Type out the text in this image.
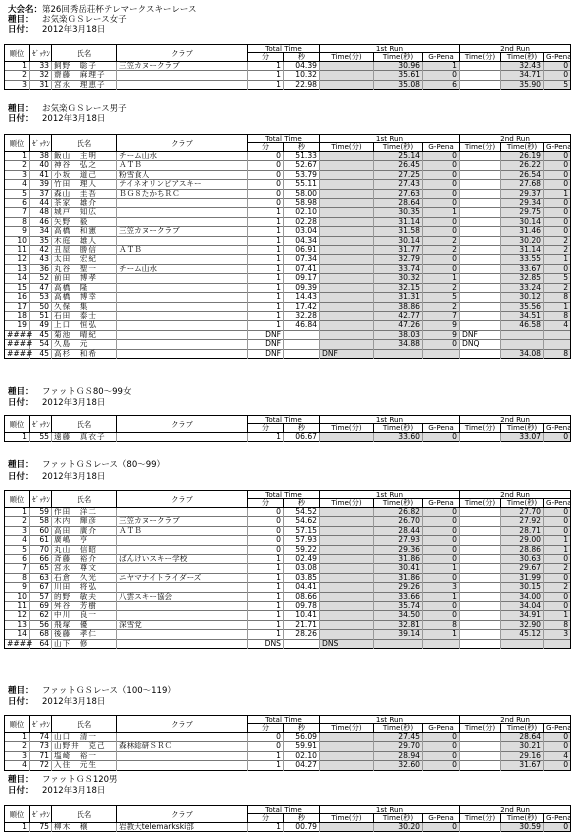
大会名：第26回秀岳荘杯テレマークスキーレース
種目： お気楽ＧＳレース女子
日付： 2012年3月18日
順位	ｾﾞｯｹﾝ	氏名	クラブ	Total Time		1st Run			2nd Run		
				分	秒	Time(分)	Time(秒)	G-Pena	Time(分)	Time(秒)	G-Pena
1	33	飼野　聡子	三笠カヌークラブ	1	04.39		30.96	1		32.43	0
2	32	齋藤　麻理子		1	10.32		35.61	0		34.71	0
3	31	宮永　理恵子		1	22.98		35.08	6		35.90	5
種目： お気楽ＧＳレース男子
日付： 2012年3月18日
順位	ｾﾞｯｹﾝ	氏名	クラブ	Total Time		1st Run			2nd Run		
				分	秒	Time(分)	Time(秒)	G-Pena	Time(分)	Time(秒)	G-Pena
1	38	飯山　主明	チーム山水	0	51.33		25.14	0		26.19	0
2	40	神谷　弘之	ＡＴＢ	0	52.67		26.45	0		26.22	0
3	41	小坂　道己	粉雪食人	0	53.79		27.25	0		26.54	0
4	39	竹田　理人	テイネオリンピアスキー	0	55.11		27.43	0		27.68	0
5	37	森山　圭吾	ＢＧ８たかちＲＣ	0	58.00		27.63	0		29.37	1
6	44	茶家　雄介		0	58.98		28.64	0		29.34	0
7	48	城戸　知広		1	02.10		30.35	1		29.75	0
8	46	矢野　毅		1	02.28		31.14	0		30.14	0
9	34	高橋　和憲	三笠カヌークラブ	1	03.04		31.58	0		31.46	0
10	35	木庭　雄人		1	04.34		30.14	2		30.20	2
11	42	丑屋　勝信	ＡＴＢ	1	06.91		31.77	2		31.14	2
12	43	太田　宏紀		1	07.34		32.79	0		33.55	1
13	36	丸谷　聖一	チーム山水	1	07.41		33.74	0		33.67	0
14	52	前田　博孝		1	09.17		30.32	1		32.85	5
15	47	高橋　隆		1	09.39		32.15	2		33.24	2
16	53	高橋　博幸		1	14.43		31.31	5		30.12	8
17	50	久保　集		1	17.42		38.86	2		35.56	1
18	51	石田　泰士		1	32.28		42.77	7		34.51	8
19	49	上口　恒弘		1	46.84		47.26	9		46.58	4
####	45	菊池　晴紀		DNF			38.03	9	DNF		
####	54	久島　元		DNF			34.88	0	DNQ		
####	45	高杉　和希		DNF		DNF				34.08	8
種目： ファットＧＳ80～99女
日付： 2012年3月18日
順位	ｾﾞｯｹﾝ	氏名	クラブ	Total Time		1st Run			2nd Run		
				分	秒	Time(分)	Time(秒)	G-Pena	Time(分)	Time(秒)	G-Pena
1	55	遠藤　真衣子		1	06.67		33.60	0		33.07	0
種目： ファットＧＳレース（80～99）
日付： 2012年3月18日
順位	ｾﾞｯｹﾝ	氏名	クラブ	Total Time		1st Run			2nd Run		
				分	秒	Time(分)	Time(秒)	G-Pena	Time(分)	Time(秒)	G-Pena
1	59	作田　洋二		0	54.52		26.82	0		27.70	0
2	58	木内　輝彦	三笠カヌークラブ	0	54.62		26.70	0		27.92	0
3	60	高田　廣介	ＡＴＢ	0	57.15		28.44	0		28.71	0
4	61	廣嶋　亨		0	57.93		27.93	0		29.00	1
5	70	丸山　信昭		0	59.22		29.36	0		28.86	1
6	66	斉藤　裕介	ばんけいスキー学校	1	02.49		31.86	0		30.63	0
7	65	宮永　尊文		1	03.08		30.41	1		29.67	2
8	63	石倉　久光	ニヤマナイトライダーズ	1	03.85		31.86	0		31.99	0
9	67	川田　将弘		1	04.41		29.26	3		30.15	2
10	57	的野　敏夫	八雲スキー協会	1	08.66		33.66	1		34.00	0
11	69	舛谷　芳樹		1	09.78		35.74	0		34.04	0
12	62	中川　良一		1	10.41		34.50	0		34.91	1
13	56	飛塚　優	深雪党	1	21.71		32.81	8		32.90	8
14	68	後藤　孝仁		1	28.26		39.14	1		45.12	3
####	64	山下　修		DNS		DNS					
種目： ファットＧＳレース（100～119）
日付： 2012年3月18日
順位	ｾﾞｯｹﾝ	氏名	クラブ	Total Time		1st Run			2nd Run		
				分	秒	Time(分)	Time(秒)	G-Pena	Time(分)	Time(秒)	G-Pena
1	74	山口　清一		0	56.09		27.45	0		28.64	0
2	73	山野井　克己	森林総研ＳＲＣ	0	59.91		29.70	0		30.21	0
3	71	塩崎　裕一		1	02.10		28.94	0		29.16	4
4	72	入住　元生		1	04.27		32.60	0		31.67	0
種目： ファットＧＳ120男
日付： 2012年3月18日
順位	ｾﾞｯｹﾝ	氏名	クラブ	Total Time		1st Run			2nd Run		
				分	秒	Time(分)	Time(秒)	G-Pena	Time(分)	Time(秒)	G-Pena
1	75	柳木　穣	岩教大telemarkski部	1	00.79		30.20	0		30.59	0
